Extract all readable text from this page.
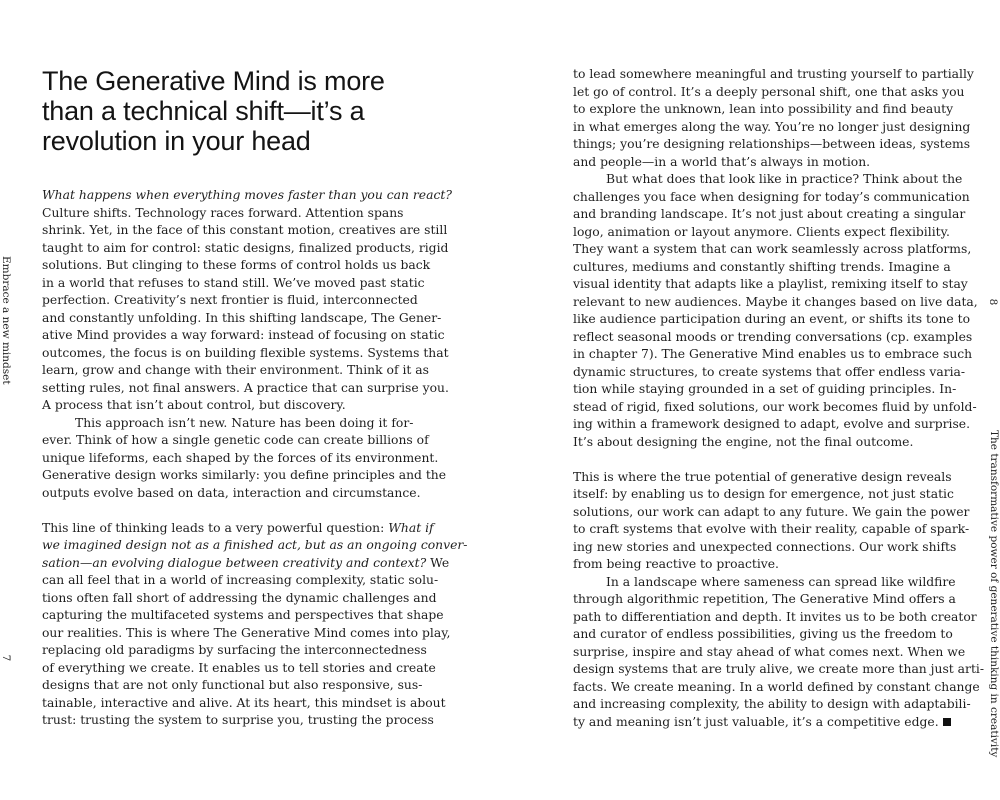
The Generative Mind is more
than a technical shift—it’s a
revolution in your head
What happens when everything moves faster than you can react?
Culture shifts. Technology races forward. Attention spans
shrink. Yet, in the face of this constant motion, creatives are still
taught to aim for control: static designs, finalized products, rigid
solutions. But clinging to these forms of control holds us back
in a world that refuses to stand still. We’ve moved past static
perfection. Creativity’s next frontier is fluid, interconnected
and constantly unfolding. In this shifting landscape, The Gener-
ative Mind provides a way forward: instead of focusing on static
outcomes, the focus is on building flexible systems. Systems that
learn, grow and change with their environment. Think of it as
setting rules, not final answers. A practice that can surprise you.
A process that isn’t about control, but discovery.
This approach isn’t new. Nature has been doing it for-
ever. Think of how a single genetic code can create billions of
unique lifeforms, each shaped by the forces of its environment.
Generative design works similarly: you define principles and the
outputs evolve based on data, interaction and circumstance.
This line of thinking leads to a very powerful question: What if
we imagined design not as a finished act, but as an ongoing conver-
sation—an evolving dialogue between creativity and context? We
can all feel that in a world of increasing complexity, static solu-
tions often fall short of addressing the dynamic challenges and
capturing the multifaceted systems and perspectives that shape
our realities. This is where The Generative Mind comes into play,
replacing old paradigms by surfacing the interconnectedness
of everything we create. It enables us to tell stories and create
designs that are not only functional but also responsive, sus-
tainable, interactive and alive. At its heart, this mindset is about
trust: trusting the system to surprise you, trusting the process
Embrace a new mindset
7
to lead somewhere meaningful and trusting yourself to partially
let go of control. It’s a deeply personal shift, one that asks you
to explore the unknown, lean into possibility and find beauty
in what emerges along the way. You’re no longer just designing
things; you’re designing relationships—between ideas, systems
and people—in a world that’s always in motion.
But what does that look like in practice? Think about the
challenges you face when designing for today’s communication
and branding landscape. It’s not just about creating a singular
logo, animation or layout anymore. Clients expect flexibility.
They want a system that can work seamlessly across platforms,
cultures, mediums and constantly shifting trends. Imagine a
visual identity that adapts like a playlist, remixing itself to stay
relevant to new audiences. Maybe it changes based on live data,
like audience participation during an event, or shifts its tone to
reflect seasonal moods or trending conversations (cp. examples
in chapter 7). The Generative Mind enables us to embrace such
dynamic structures, to create systems that offer endless varia-
tion while staying grounded in a set of guiding principles. In-
stead of rigid, fixed solutions, our work becomes fluid by unfold-
ing within a framework designed to adapt, evolve and surprise.
It’s about designing the engine, not the final outcome.
This is where the true potential of generative design reveals
itself: by enabling us to design for emergence, not just static
solutions, our work can adapt to any future. We gain the power
to craft systems that evolve with their reality, capable of spark-
ing new stories and unexpected connections. Our work shifts
from being reactive to proactive.
In a landscape where sameness can spread like wildfire
through algorithmic repetition, The Generative Mind offers a
path to differentiation and depth. It invites us to be both creator
and curator of endless possibilities, giving us the freedom to
surprise, inspire and stay ahead of what comes next. When we
design systems that are truly alive, we create more than just arti-
facts. We create meaning. In a world defined by constant change
and increasing complexity, the ability to design with adaptabili-
ty and meaning isn’t just valuable, it’s a competitive edge.	The transformative power of generative thinking in creativity
8
